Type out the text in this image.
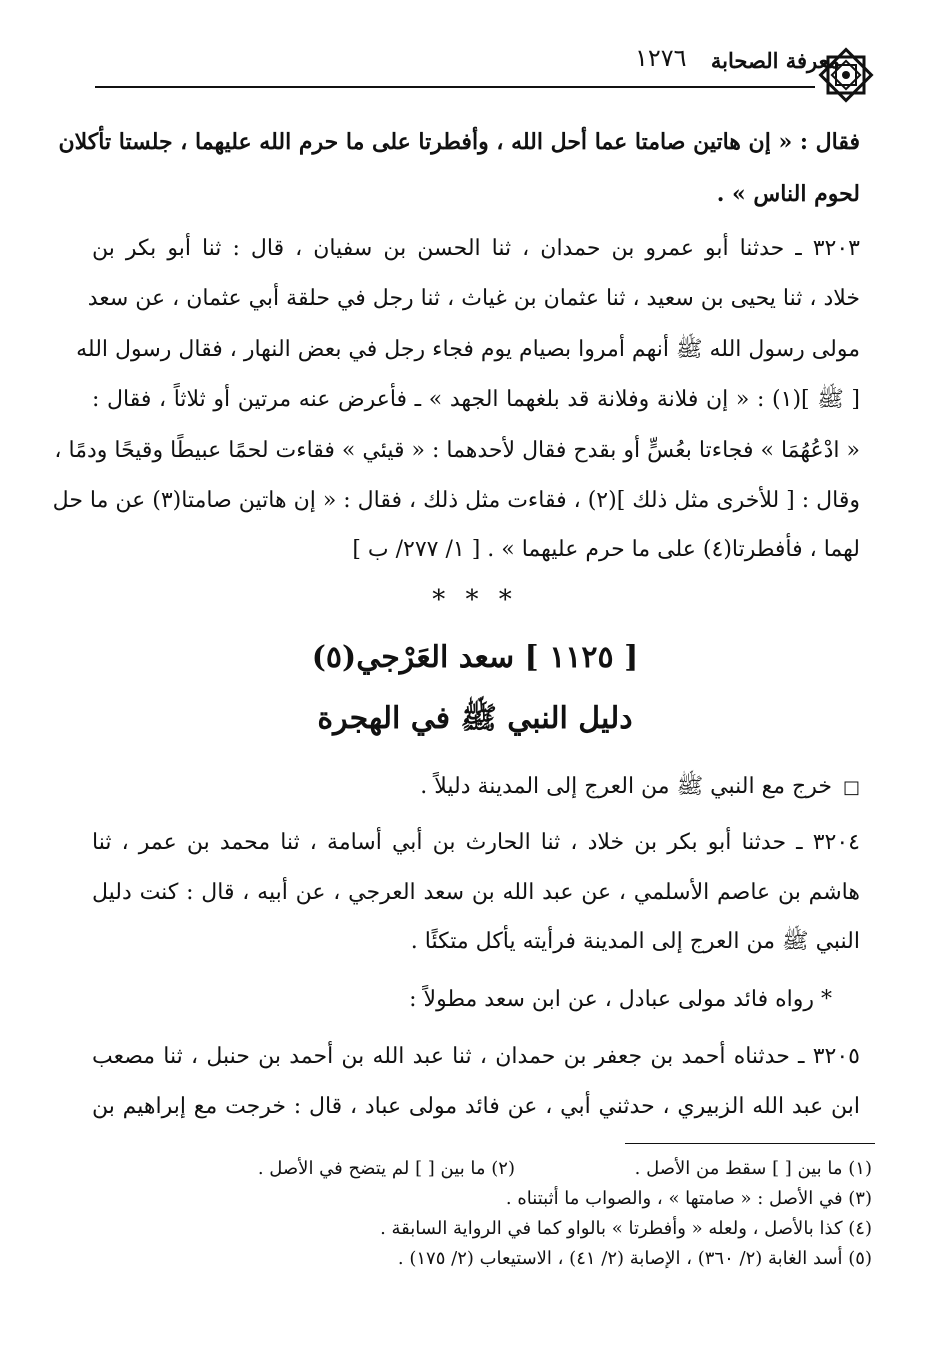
معرفة الصحابة
١٢٧٦
فقال : « إن هاتين صامتا عما أحل الله ، وأفطرتا على ما حرم الله عليهما ، جلستا تأكلان
لحوم الناس » .
٣٢٠٣ ـ حدثنا أبو عمرو بن حمدان ، ثنا الحسن بن سفيان ، قال : ثنا أبو بكر بن
خلاد ، ثنا يحيى بن سعيد ، ثنا عثمان بن غياث ، ثنا رجل في حلقة أبي عثمان ، عن سعد
مولى رسول الله ﷺ أنهم أمروا بصيام يوم فجاء رجل في بعض النهار ، فقال رسول الله
[ ﷺ ](١) : « إن فلانة وفلانة قد بلغهما الجهد » ـ فأعرض عنه مرتين أو ثلاثاً ، فقال :
« ادْعُهُمَا » فجاءتا بعُسٍّ أو بقدح فقال لأحدهما : « قيئي » فقاءت لحمًا عبيطًا وقيحًا ودمًا ،
وقال : [ للأخرى مثل ذلك ](٢) ، فقاءت مثل ذلك ، فقال : « إن هاتين صامتا(٣) عن ما حل
لهما ، فأفطرتا(٤) على ما حرم عليهما » . [ ١/ ٢٧٧/ ب ]
* * *
[ ١١٢٥ ] سعد العَرْجي(٥)
دليل النبي ﷺ في الهجرة
□
خرج مع النبي ﷺ من العرج إلى المدينة دليلاً .
٣٢٠٤ ـ حدثنا أبو بكر بن خلاد ، ثنا الحارث بن أبي أسامة ، ثنا محمد بن عمر ، ثنا
هاشم بن عاصم الأسلمي ، عن عبد الله بن سعد العرجي ، عن أبيه ، قال : كنت دليل
النبي ﷺ من العرج إلى المدينة فرأيته يأكل متكئًا .
* رواه فائد مولى عبادل ، عن ابن سعد مطولاً :
٣٢٠٥ ـ حدثناه أحمد بن جعفر بن حمدان ، ثنا عبد الله بن أحمد بن حنبل ، ثنا مصعب
ابن عبد الله الزبيري ، حدثني أبي ، عن فائد مولى عباد ، قال : خرجت مع إبراهيم بن
(١) ما بين [ ] سقط من الأصل .
(٢) ما بين [ ] لم يتضح في الأصل .
(٣) في الأصل : « صامتها » ، والصواب ما أثبتناه .
(٤) كذا بالأصل ، ولعله « وأفطرتا » بالواو كما في الرواية السابقة .
(٥) أسد الغابة (٢/ ٣٦٠) ، الإصابة (٢/ ٤١) ، الاستيعاب (٢/ ١٧٥) .
